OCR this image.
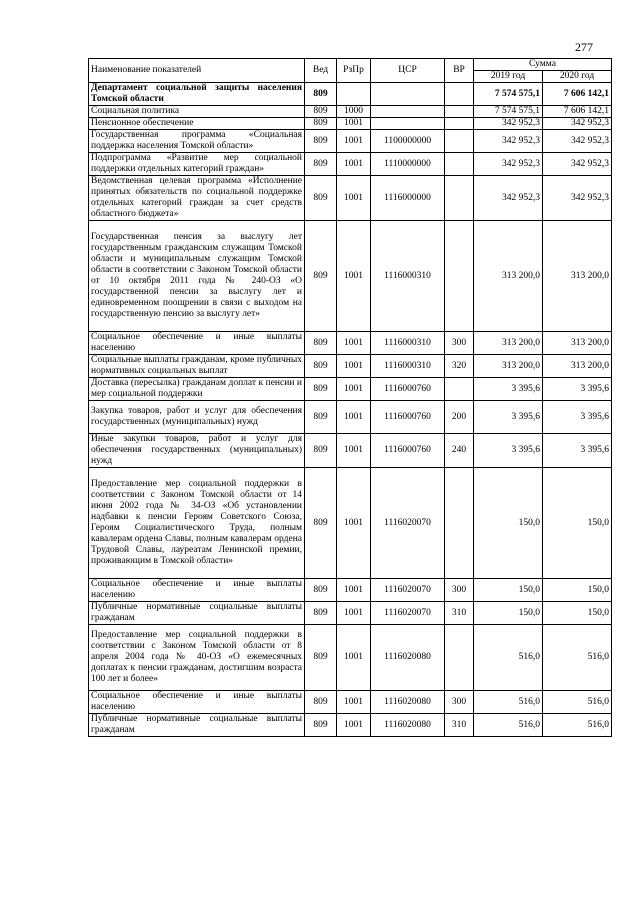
277
Наименование показателей	Вед	РзПр	ЦСР	ВР	Сумма	
					2019 год	2020 год
Департамент социальной защиты населения Томской области	809				7 574 575,1	7 606 142,1
Социальная политика	809	1000			7 574 575,1	7 606 142,1
Пенсионное обеспечение	809	1001			342 952,3	342 952,3
Государственная программа «Социальная поддержка населения Томской области»	809	1001	1100000000		342 952,3	342 952,3
Подпрограмма «Развитие мер социальной поддержки отдельных категорий граждан»	809	1001	1110000000		342 952,3	342 952,3
Ведомственная целевая программа «Исполнение принятых обязательств по социальной поддержке отдельных категорий граждан за счет средств областного бюджета»	809	1001	1116000000		342 952,3	342 952,3
Государственная пенсия за выслугу лет государственным гражданским служащим Томской области и муниципальным служащим Томской области в соответствии с Законом Томской области от 10 октября 2011 года № 240-ОЗ «О государственной пенсии за выслугу лет и единовременном поощрении в связи с выходом на государственную пенсию за выслугу лет»	809	1001	1116000310		313 200,0	313 200,0
Социальное обеспечение и иные выплаты населению	809	1001	1116000310	300	313 200,0	313 200,0
Социальные выплаты гражданам, кроме публичных нормативных социальных выплат	809	1001	1116000310	320	313 200,0	313 200,0
Доставка (пересылка) гражданам доплат к пенсии и мер социальной поддержки	809	1001	1116000760		3 395,6	3 395,6
Закупка товаров, работ и услуг для обеспечения государственных (муниципальных) нужд	809	1001	1116000760	200	3 395,6	3 395,6
Иные закупки товаров, работ и услуг для обеспечения государственных (муниципальных) нужд	809	1001	1116000760	240	3 395,6	3 395,6
Предоставление мер социальной поддержки в соответствии с Законом Томской области от 14 июня 2002 года № 34-ОЗ «Об установлении надбавки к пенсии Героям Советского Союза, Героям Социалистического Труда, полным кавалерам ордена Славы, полным кавалерам ордена Трудовой Славы, лауреатам Ленинской премии, проживающим в Томской области»	809	1001	1116020070		150,0	150,0
Социальное обеспечение и иные выплаты населению	809	1001	1116020070	300	150,0	150,0
Публичные нормативные социальные выплаты гражданам	809	1001	1116020070	310	150,0	150,0
Предоставление мер социальной поддержки в соответствии с Законом Томской области от 8 апреля 2004 года № 40-ОЗ «О ежемесячных доплатах к пенсии гражданам, достигшим возраста 100 лет и более»	809	1001	1116020080		516,0	516,0
Социальное обеспечение и иные выплаты населению	809	1001	1116020080	300	516,0	516,0
Публичные нормативные социальные выплаты гражданам	809	1001	1116020080	310	516,0	516,0
